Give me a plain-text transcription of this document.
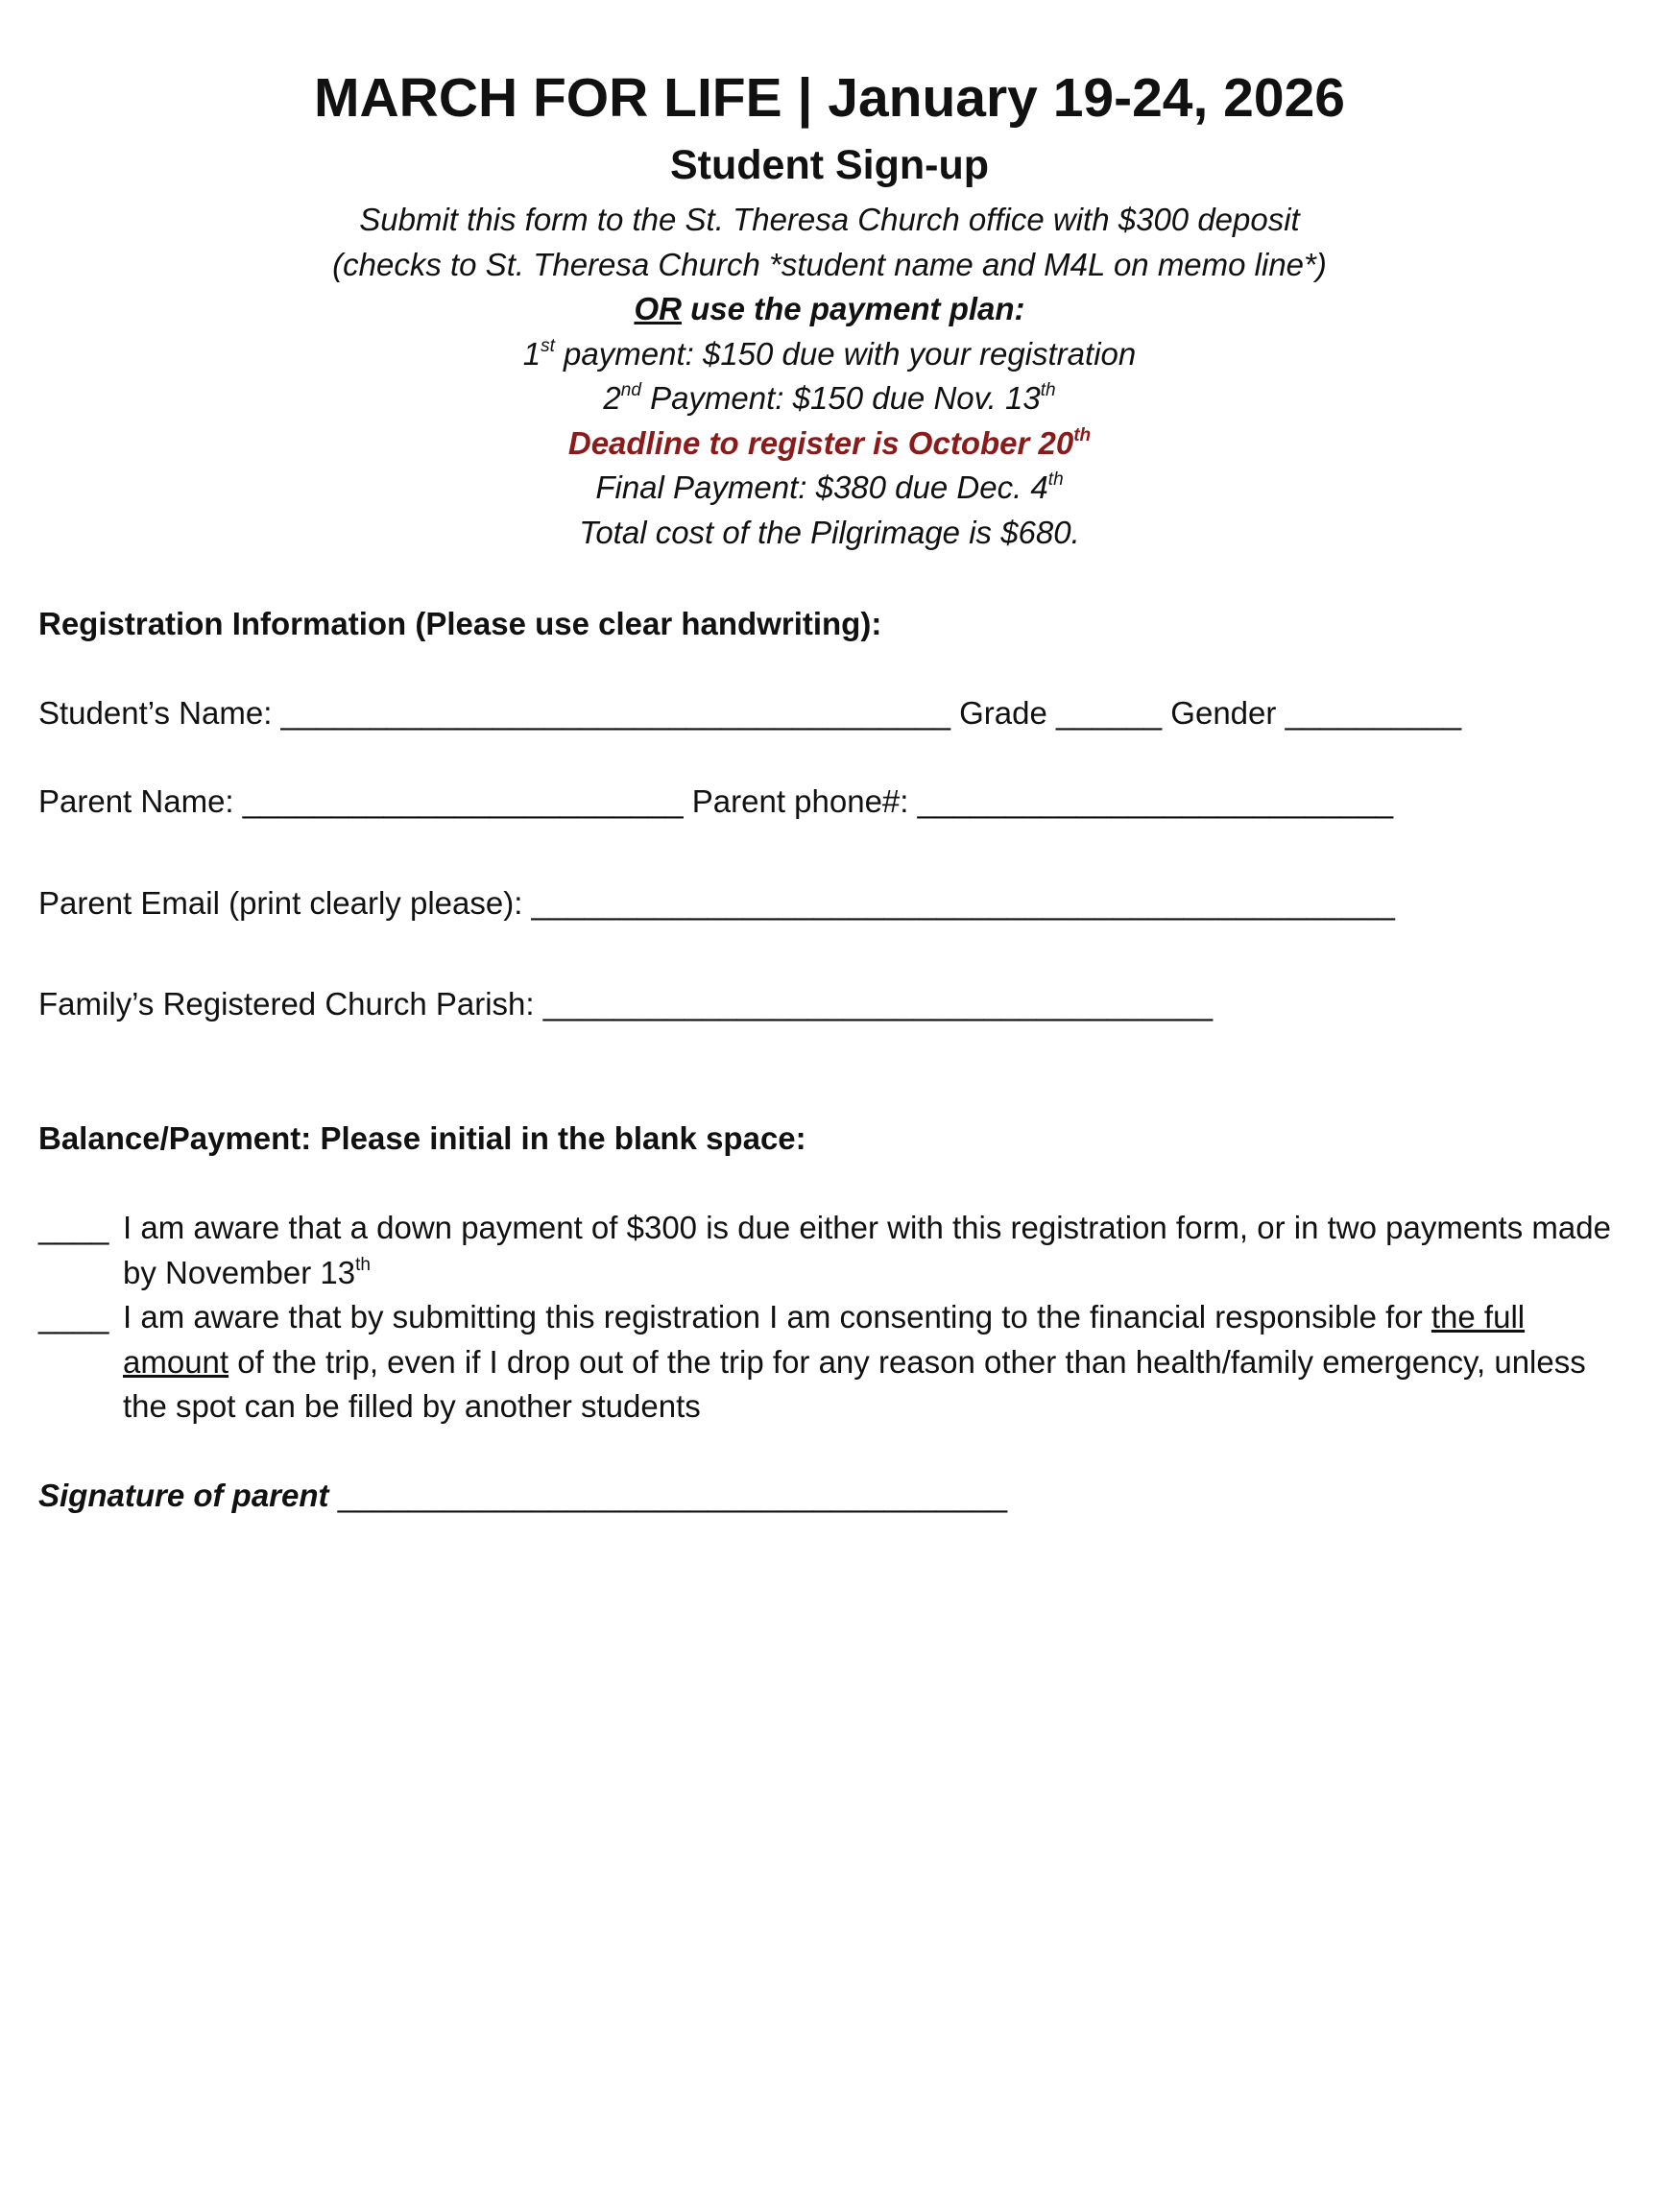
MARCH FOR LIFE | January 19-24, 2026
Student Sign-up
Submit this form to the St. Theresa Church office with $300 deposit
(checks to St. Theresa Church *student name and M4L on memo line*)
OR use the payment plan:
1st payment: $150 due with your registration
2nd Payment: $150 due Nov. 13th
Deadline to register is October 20th
Final Payment: $380 due Dec. 4th
Total cost of the Pilgrimage is $680.
Registration Information (Please use clear handwriting):
Student’s Name: ______________________________________ Grade ______ Gender __________
Parent Name: _________________________ Parent phone#: ___________________________
Parent Email (print clearly please): _________________________________________________
Family’s Registered Church Parish: ______________________________________
Balance/Payment: Please initial in the blank space:
____ I am aware that a down payment of $300 is due either with this registration form, or in two payments made by November 13th
____ I am aware that by submitting this registration I am consenting to the financial responsible for the full amount of the trip, even if I drop out of the trip for any reason other than health/family emergency, unless the spot can be filled by another students
Signature of parent ______________________________________
